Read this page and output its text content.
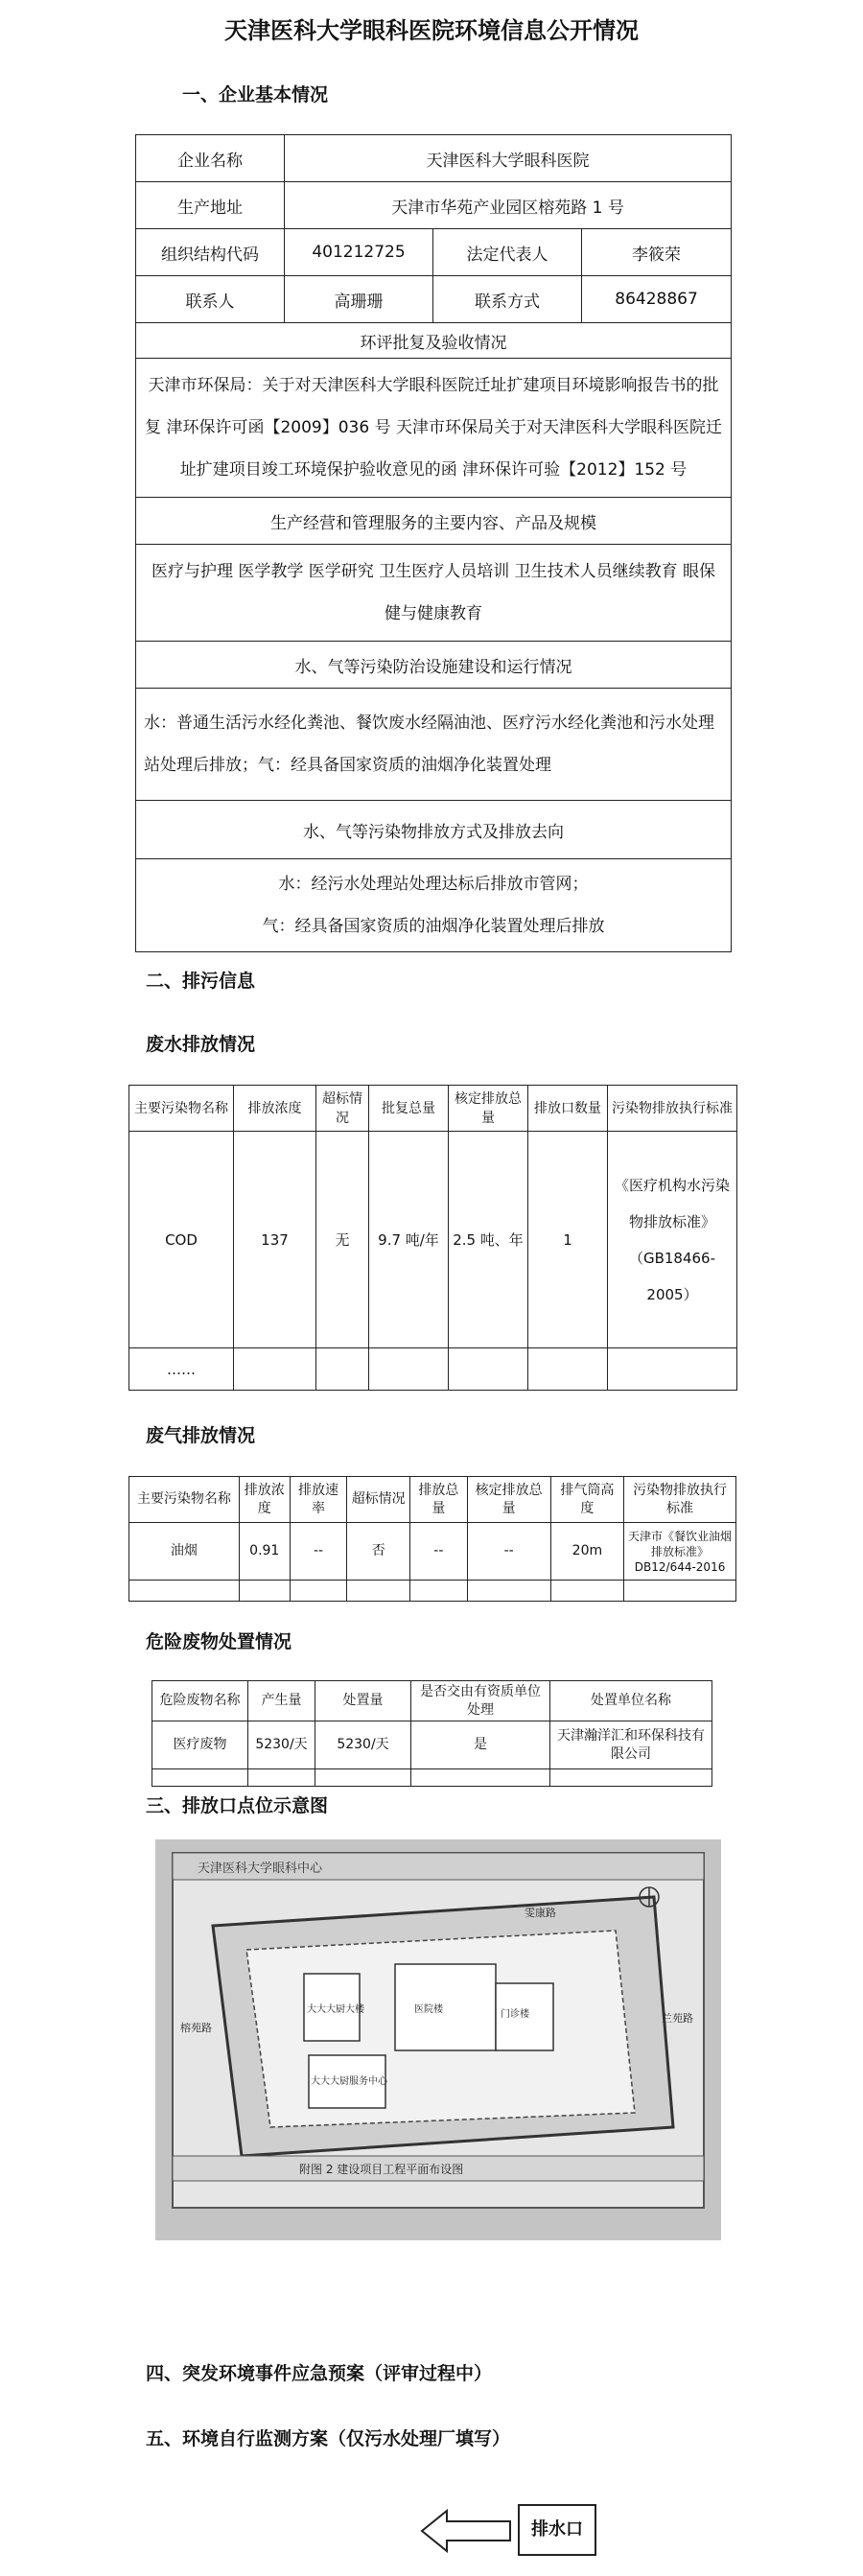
天津医科大学眼科医院环境信息公开情况
一、企业基本情况
企业名称	天津医科大学眼科医院		
生产地址	天津市华苑产业园区榕苑路 1 号		
组织结构代码	401212725	法定代表人	李筱荣
联系人	高珊珊	联系方式	86428867
环评批复及验收情况			
天津市环保局：关于对天津医科大学眼科医院迁址扩建项目环境影响报告书的批复 津环保许可函【2009】036 号 天津市环保局关于对天津医科大学眼科医院迁址扩建项目竣工环境保护验收意见的函 津环保许可验【2012】152 号			
生产经营和管理服务的主要内容、产品及规模			
医疗与护理 医学教学 医学研究 卫生医疗人员培训 卫生技术人员继续教育 眼保健与健康教育			
水、气等污染防治设施建设和运行情况			
水：普通生活污水经化粪池、餐饮废水经隔油池、医疗污水经化粪池和污水处理站处理后排放；气：经具备国家资质的油烟净化装置处理			
水、气等污染物排放方式及排放去向			

水：经污水处理站处理达标后排放市管网；
气：经具备国家资质的油烟净化装置处理后排放			
二、排污信息
废水排放情况
主要污染物名称	排放浓度	超标情况	批复总量	核定排放总量	排放口数量	污染物排放执行标准
COD	137	无	9.7 吨/年	2.5 吨、年	1	《医疗机构水污染物排放标准》（GB18466-2005）
……						
废气排放情况
主要污染物名称	排放浓度	排放速率	超标情况	排放总量	核定排放总量	排气筒高度	污染物排放执行标准
油烟	0.91	--	否	--	--	20m	天津市《餐饮业油烟排放标准》DB12/644-2016

危险废物处置情况
危险废物名称	产生量	处置量	是否交由有资质单位处理	处置单位名称
医疗废物	5230/天	5230/天	是	天津瀚洋汇和环保科技有限公司

三、排放口点位示意图
天津医科大学眼科中心
大大大厨大楼
大大大厨服务中心
门诊楼
医院楼
雯康路
榕苑路
兰苑路
附图 2 建设项目工程平面布设图
四、突发环境事件应急预案（评审过程中）
五、环境自行监测方案（仅污水处理厂填写）
排水口
